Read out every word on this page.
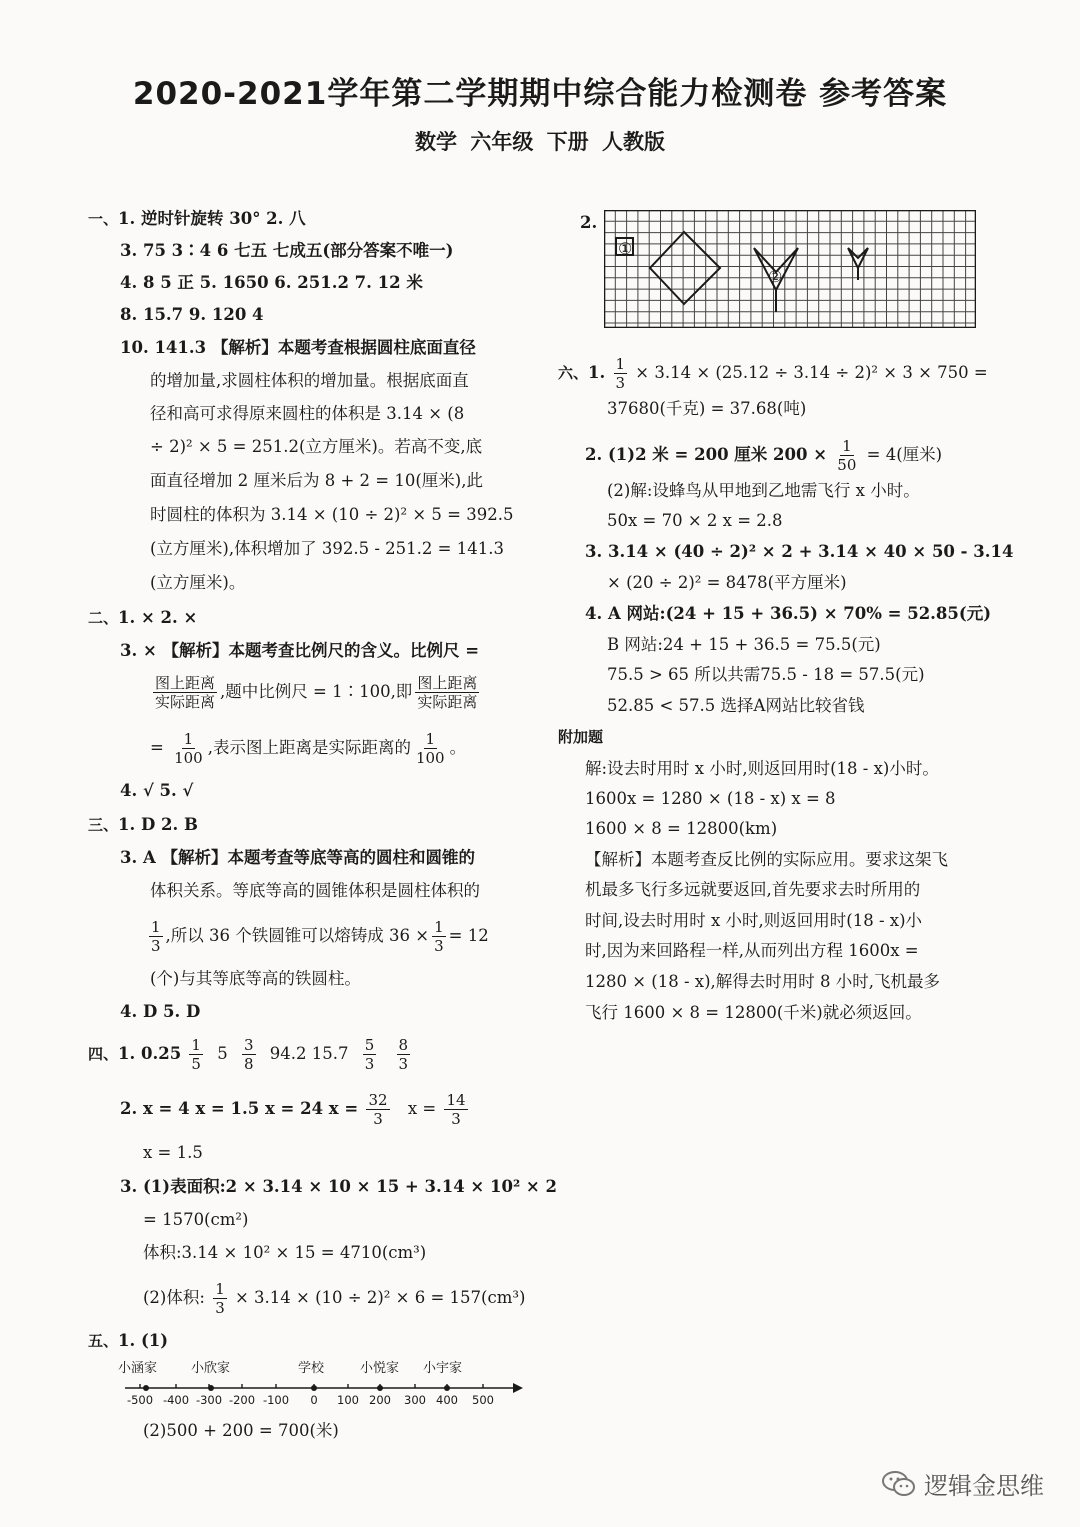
2020-2021学年第二学期期中综合能力检测卷 参考答案
数学 六年级 下册 人教版
一、1. 逆时针旋转 30° 2. 八
3. 75 3∶4 6 七五 七成五(部分答案不唯一)
4. 8 5 正 5. 1650 6. 251.2 7. 12 米
8. 15.7 9. 120 4
10. 141.3 【解析】本题考查根据圆柱底面直径
的增加量,求圆柱体积的增加量。根据底面直
径和高可求得原来圆柱的体积是 3.14 × (8
÷ 2)² × 5 = 251.2(立方厘米)。若高不变,底
面直径增加 2 厘米后为 8 + 2 = 10(厘米),此
时圆柱的体积为 3.14 × (10 ÷ 2)² × 5 = 392.5
(立方厘米),体积增加了 392.5 - 251.2 = 141.3
(立方厘米)。
二、1. × 2. ×
3. × 【解析】本题考查比例尺的含义。比例尺 =
$\frac{\text{图上距离}}{\text{实际距离}}$ ,题中比例尺 = 1∶100,即 $\frac{\text{图上距离}}{\text{实际距离}}$
= $\frac{1}{100}$ ,表示图上距离是实际距离的 $\frac{1}{100}$ 。
4. √ 5. √
三、1. D 2. B
3. A 【解析】本题考查等底等高的圆柱和圆锥的
体积关系。等底等高的圆锥体积是圆柱体积的
$\frac{1}{3}$ ,所以 36 个铁圆锥可以熔铸成 $36 \times \frac{1}{3} = 12$
(个)与其等底等高的铁圆柱。
4. D 5. D
四、1. $0.25 \frac{1}{5} 5 \frac{3}{8} 94.2$ $15.7 \frac{5}{3}$
$\frac{8}{3}$
2. x = 4 x = 1.5 x = 24 $x = \frac{32}{3}$ $x = \frac{14}{3}$
x = 1.5
3. (1)表面积:2 × 3.14 × 10 × 15 + 3.14 × 10² × 2
= 1570(cm²)
体积:3.14 × 10² × 15 = 4710(cm³)
(2)体积: $\frac{1}{3} \times 3.14 \times (10 \div 2)^2 \times 6 = 157(cm^3)$
五、1. (1)
小涵家	小欣家	学校	小悦家 小宇家
-500 -400 -300 -200 -100 0 100 200 300 400 500
(2)500 + 200 = 700(米)
2.
①
②
六、1. $\frac{1}{3} \times 3.14 \times (25.12 \div 3.14 \div 2)^2 \times 3 \times 750$ =
37680(千克) = 37.68(吨)
2. (1)2 米 = 200 厘米 $200 \times \frac{1}{50} = 4$(厘米)
(2)解:设蜂鸟从甲地到乙地需飞行 x 小时。
50x = 70 × 2 x = 2.8
3. 3.14 × (40 ÷ 2)² × 2 + 3.14 × 40 × 50 - 3.14
× (20 ÷ 2)² = 8478(平方厘米)
4. A 网站:(24 + 15 + 36.5) × 70% = 52.85(元)
B 网站:24 + 15 + 36.5 = 75.5(元)
75.5 > 65 所以共需75.5 - 18 = 57.5(元)
52.85 < 57.5 选择A网站比较省钱
附加题
解:设去时用时 x 小时,则返回用时(18 - x)小时。
1600x = 1280 × (18 - x) x = 8
1600 × 8 = 12800(km)
【解析】本题考查反比例的实际应用。要求这架飞
机最多飞行多远就要返回,首先要求去时所用的
时间,设去时用时 x 小时,则返回用时(18 - x)小
时,因为来回路程一样,从而列出方程 1600x =
1280 × (18 - x),解得去时用时 8 小时,飞机最多
飞行 1600 × 8 = 12800(千米)就必须返回。
逻辑金思维
